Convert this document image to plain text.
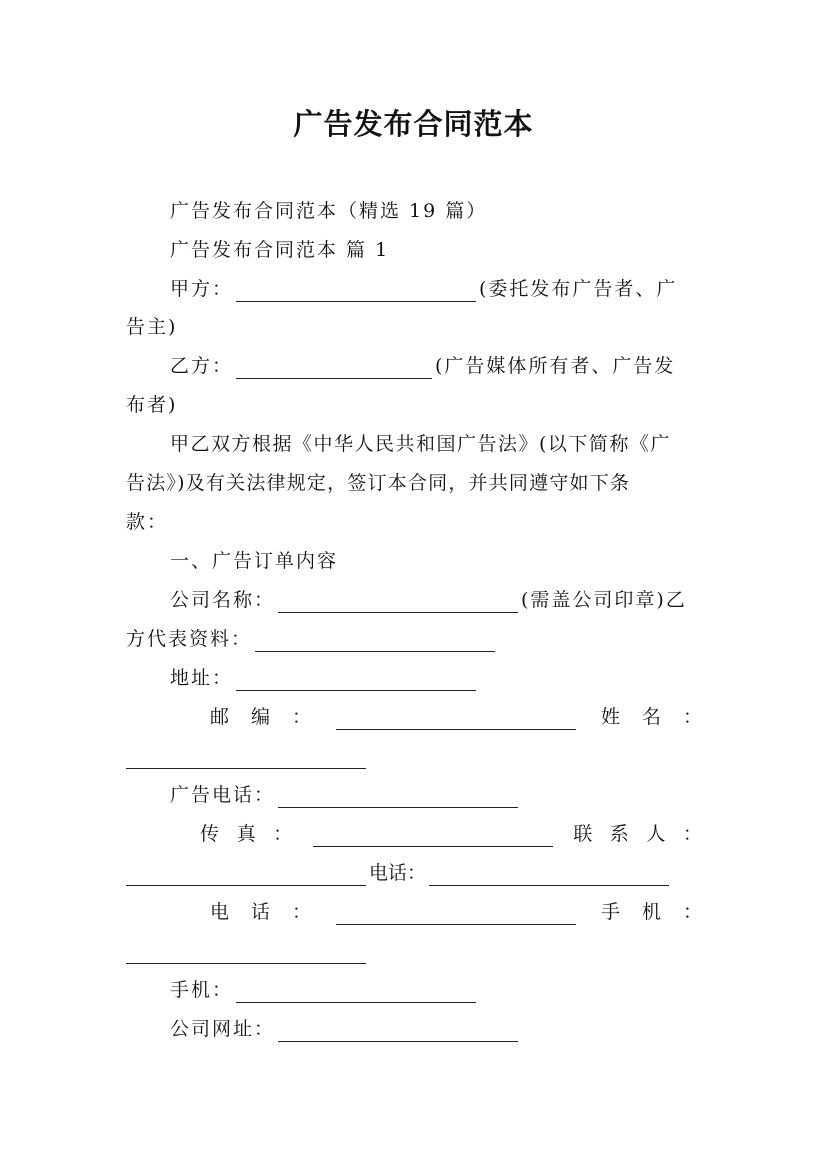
广告发布合同范本
广告发布合同范本（精选 19 篇）
广告发布合同范本 篇 1
甲方：	(委托发布广告者、广
告主)
乙方：	(广告媒体所有者、广告发
布者)
甲乙双方根据《中华人民共和国广告法》(以下简称《广
告法》)及有关法律规定，签订本合同，并共同遵守如下条
款：
一、广告订单内容
公司名称：	(需盖公司印章)乙
方代表资料：
地址：
邮 编 ：	姓 名 ：
广告电话：
传 真 ：	联 系 人 ：
电话：
电 话 ：	手 机 ：
手机：
公司网址：
